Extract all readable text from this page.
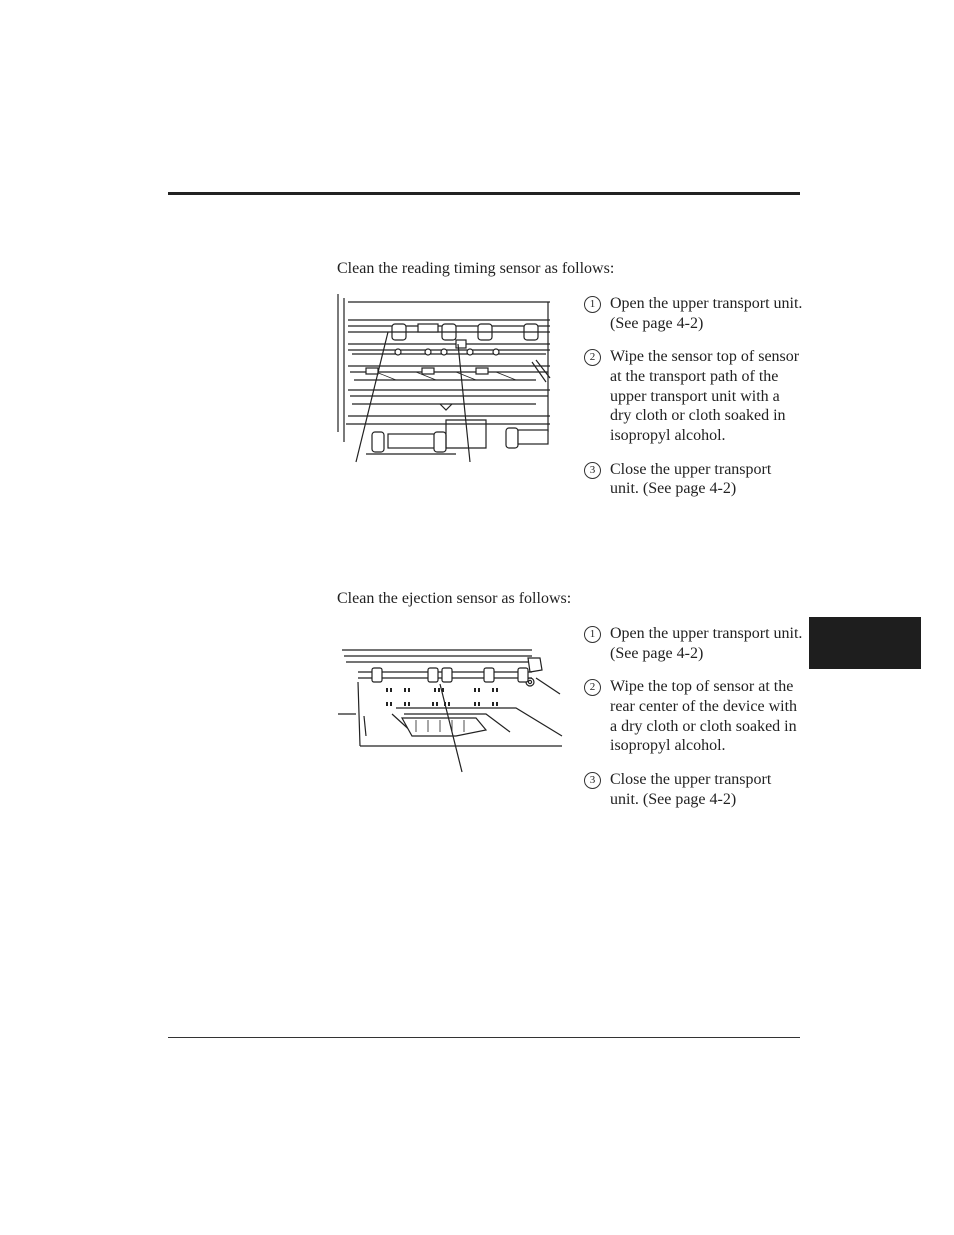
Clean the reading timing sensor as follows:
1 Open the upper transport unit. (See page 4-2)
2 Wipe the sensor top of sensor at the transport path of the upper transport unit with a dry cloth or cloth soaked in isopropyl alcohol.
3 Close the upper transport unit. (See page 4-2)
Clean the ejection sensor as follows:
1 Open the upper transport unit. (See page 4-2)
2 Wipe the top of sensor at the rear center of the device with a dry cloth or cloth soaked in isopropyl alcohol.
3 Close the upper transport unit. (See page 4-2)
